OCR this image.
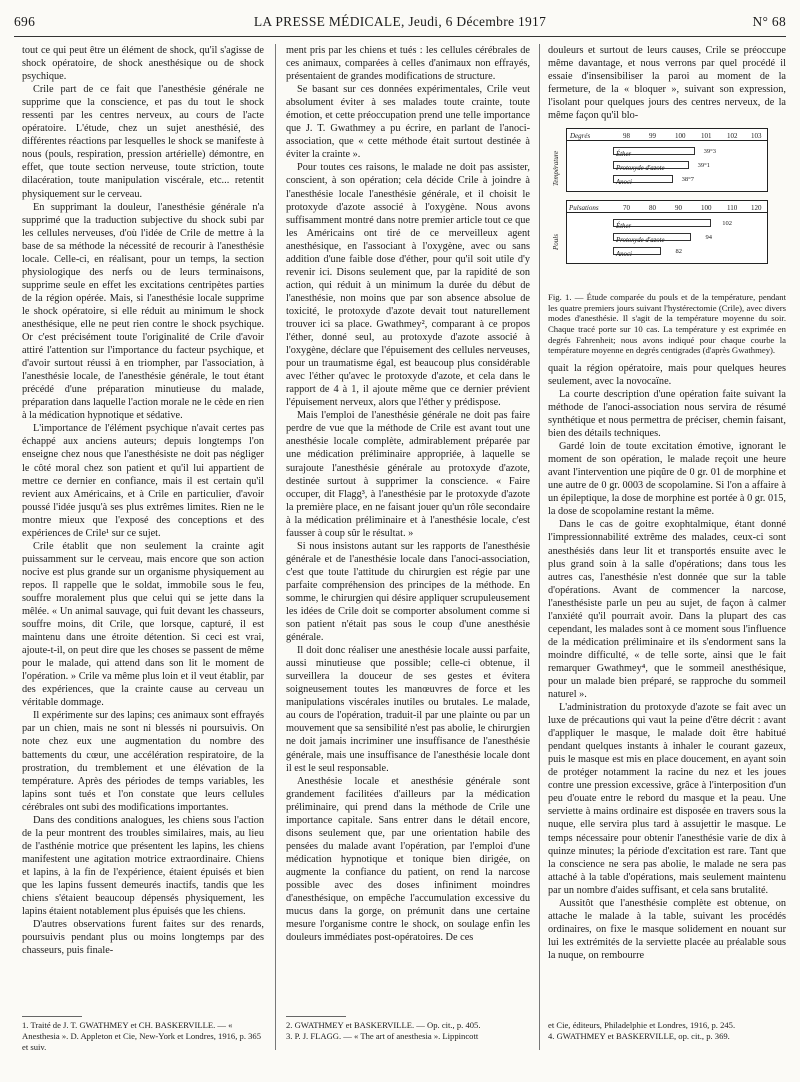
696	LA PRESSE MÉDICALE, Jeudi, 6 Décembre 1917	N° 68

tout ce qui peut être un élément de shock, qu'il s'agisse de shock opératoire, de shock anesthésique ou de shock psychique.

Crile part de ce fait que l'anesthésie générale ne supprime que la conscience, et pas du tout le shock ressenti par les centres nerveux, au cours de l'acte opératoire. L'étude, chez un sujet anesthésié, des différentes réactions par lesquelles le shock se manifeste à nous (pouls, respiration, pression artérielle) démontre, en effet, que toute section nerveuse, toute striction, toute dilacération, toute manipulation viscérale, etc... retentit physiquement sur le cerveau.

En supprimant la douleur, l'anesthésie générale n'a supprimé que la traduction subjective du shock subi par les cellules nerveuses, d'où l'idée de Crile de mettre à la base de sa méthode la nécessité de recourir à l'anesthésie locale. Celle-ci, en réalisant, pour un temps, la section physiologique des nerfs ou de leurs terminaisons, supprime seule en effet les excitations centripètes parties de la région opérée. Mais, si l'anesthésie locale supprime le shock opératoire, si elle réduit au minimum le shock anesthésique, elle ne peut rien contre le shock psychique. Or c'est précisément toute l'originalité de Crile d'avoir attiré l'attention sur l'importance du facteur psychique, et d'avoir surtout réussi à en triompher, par l'association, à l'anesthésie locale, de l'anesthésie générale, le tout étant précédé d'une préparation minutieuse du malade, préparation dans laquelle l'action morale ne le cède en rien à la médication hypnotique et sédative.

L'importance de l'élément psychique n'avait certes pas échappé aux anciens auteurs; depuis longtemps l'on enseigne chez nous que l'anesthésiste ne doit pas négliger le côté moral chez son patient et qu'il lui appartient de mettre ce dernier en confiance, mais il est certain qu'il revient aux Américains, et à Crile en particulier, d'avoir poussé l'idée jusqu'à ses plus extrêmes limites. Rien ne le montre mieux que l'exposé des conceptions et des expériences de Crile¹ sur ce sujet.

Crile établit que non seulement la crainte agit puissamment sur le cerveau, mais encore que son action nocive est plus grande sur un organisme physiquement au repos. Il rappelle que le soldat, immobile sous le feu, souffre moralement plus que celui qui se jette dans la mêlée. « Un animal sauvage, qui fuit devant les chasseurs, souffre moins, dit Crile, que lorsque, capturé, il est maintenu dans une étroite détention. Si ceci est vrai, ajoute-t-il, on peut dire que les choses se passent de même pour le malade, qui attend dans son lit le moment de l'opération. » Crile va même plus loin et il veut établir, par des expériences, que la crainte cause au cerveau un véritable dommage.

Il expérimente sur des lapins; ces animaux sont effrayés par un chien, mais ne sont ni blessés ni poursuivis. On note chez eux une augmentation du nombre des battements du cœur, une accélération respiratoire, de la prostration, du tremblement et une élévation de la température. Après des périodes de temps variables, les lapins sont tués et l'on constate que leurs cellules cérébrales ont subi des modifications importantes.

Dans des conditions analogues, les chiens sous l'action de la peur montrent des troubles similaires, mais, au lieu de l'asthénie motrice que présentent les lapins, les chiens manifestent une agitation motrice extraordinaire. Chiens et lapins, à la fin de l'expérience, étaient épuisés et bien que les lapins fussent demeurés inactifs, tandis que les chiens s'étaient beaucoup dépensés physiquement, les lapins étaient notablement plus épuisés que les chiens.

D'autres observations furent faites sur des renards, poursuivis pendant plus ou moins longtemps par des chasseurs, puis finale-

ment pris par les chiens et tués : les cellules cérébrales de ces animaux, comparées à celles d'animaux non effrayés, présentaient de grandes modifications de structure.

Se basant sur ces données expérimentales, Crile veut absolument éviter à ses malades toute crainte, toute émotion, et cette préoccupation prend une telle importance que J. T. Gwathmey a pu écrire, en parlant de l'anoci-association, que « cette méthode était surtout destinée à éviter la crainte ».

Pour toutes ces raisons, le malade ne doit pas assister, conscient, à son opération; cela décide Crile à joindre à l'anesthésie locale l'anesthésie générale, et il choisit le protoxyde d'azote associé à l'oxygène. Nous avons suffisamment montré dans notre premier article tout ce que les Américains ont tiré de ce merveilleux agent anesthésique, en l'associant à l'oxygène, avec ou sans addition d'une faible dose d'éther, pour qu'il soit utile d'y revenir ici. Disons seulement que, par la rapidité de son action, qui réduit à un minimum la durée du début de l'anesthésie, non moins que par son absence absolue de toxicité, le protoxyde d'azote devait tout naturellement trouver ici sa place. Gwathmey², comparant à ce propos l'éther, donné seul, au protoxyde d'azote associé à l'oxygène, déclare que l'épuisement des cellules nerveuses, pour un traumatisme égal, est beaucoup plus considérable avec l'éther qu'avec le protoxyde d'azote, et cela dans le rapport de 4 à 1, il ajoute même que ce dernier prévient l'épuisement nerveux, alors que l'éther y prédispose.

Mais l'emploi de l'anesthésie générale ne doit pas faire perdre de vue que la méthode de Crile est avant tout une anesthésie locale complète, admirablement préparée par une médication préliminaire appropriée, à laquelle se surajoute l'anesthésie générale au protoxyde d'azote, destinée surtout à supprimer la conscience. « Faire occuper, dit Flagg³, à l'anesthésie par le protoxyde d'azote la première place, en ne faisant jouer qu'un rôle secondaire à la médication préliminaire et à l'anesthésie locale, c'est fausser à coup sûr le résultat. »

Si nous insistons autant sur les rapports de l'anesthésie générale et de l'anesthésie locale dans l'anoci-association, c'est que toute l'attitude du chirurgien est régie par une parfaite compréhension des principes de la méthode. En somme, le chirurgien qui désire appliquer scrupuleusement les idées de Crile doit se comporter absolument comme si son patient n'était pas sous le coup d'une anesthésie générale.

Il doit donc réaliser une anesthésie locale aussi parfaite, aussi minutieuse que possible; celle-ci obtenue, il surveillera la douceur de ses gestes et évitera soigneusement toutes les manœuvres de force et les manipulations viscérales inutiles ou brutales. Le malade, au cours de l'opération, traduit-il par une plainte ou par un mouvement que sa sensibilité n'est pas abolie, le chirurgien ne doit jamais incriminer une insuffisance de l'anesthésie générale, mais une insuffisance de l'anesthésie locale dont il est le seul responsable.

Anesthésie locale et anesthésie générale sont grandement facilitées d'ailleurs par la médication préliminaire, qui prend dans la méthode de Crile une importance capitale. Sans entrer dans le détail encore, disons seulement que, par une orientation habile des pensées du malade avant l'opération, par l'emploi d'une médication hypnotique et tonique bien dirigée, on augmente la confiance du patient, on rend la narcose possible avec des doses infiniment moindres d'anesthésique, on empêche l'accumulation excessive du mucus dans la gorge, on prémunit dans une certaine mesure l'organisme contre le shock, on soulage enfin les douleurs immédiates post-opératoires. De ces

douleurs et surtout de leurs causes, Crile se préoccupe même davantage, et nous verrons par quel procédé il essaie d'insensibiliser la paroi au moment de la fermeture, de la « bloquer », suivant son expression, l'isolant pour quelques jours des centres nerveux, de la même façon qu'il blo-

Degrés	98	99	100 101 102 103
Éther	39°3
Protoxyde d'azote	39°1
Anoci	38°7
Température
Pulsations	70	80	90	100 110 120
Éther	102
Protoxyde d'azote	94
Anoci	82
Pouls
Fig. 1. — Étude comparée du pouls et de la température, pendant les quatre premiers jours suivant l'hystérectomie (Crile), avec divers modes d'anesthésie. Il s'agit de la température moyenne du soir. Chaque tracé porte sur 10 cas. La température y est exprimée en degrés Fahrenheit; nous avons indiqué pour chaque courbe la température moyenne en degrés centigrades (d'après Gwathmey).

quait la région opératoire, mais pour quelques heures seulement, avec la novocaïne.

La courte description d'une opération faite suivant la méthode de l'anoci-association nous servira de résumé synthétique et nous permettra de préciser, chemin faisant, bien des détails techniques.

Gardé loin de toute excitation émotive, ignorant le moment de son opération, le malade reçoit une heure avant l'intervention une piqûre de 0 gr. 01 de morphine et une autre de 0 gr. 0003 de scopolamine. Si l'on a affaire à un épileptique, la dose de morphine est portée à 0 gr. 015, la dose de scopolamine restant la même.

Dans le cas de goitre exophtalmique, étant donné l'impressionnabilité extrême des malades, ceux-ci sont anesthésiés dans leur lit et transportés ensuite avec le plus grand soin à la salle d'opérations; dans tous les autres cas, l'anesthésie n'est donnée que sur la table d'opérations. Avant de commencer la narcose, l'anesthésiste parle un peu au sujet, de façon à calmer l'anxiété qu'il pourrait avoir. Dans la plupart des cas cependant, les malades sont à ce moment sous l'influence de la médication préliminaire et ils s'endorment sans la moindre difficulté, « de telle sorte, ainsi que le fait remarquer Gwathmey⁴, que le sommeil anesthésique, pour un malade bien préparé, se rapproche du sommeil naturel ».

L'administration du protoxyde d'azote se fait avec un luxe de précautions qui vaut la peine d'être décrit : avant d'appliquer le masque, le malade doit être habitué pendant quelques instants à inhaler le courant gazeux, puis le masque est mis en place doucement, en ayant soin de protéger notamment la racine du nez et les joues contre une pression excessive, grâce à l'interposition d'un peu d'ouate entre le rebord du masque et la peau. Une serviette à mains ordinaire est disposée en travers sous la nuque, elle servira plus tard à assujettir le masque. Le temps nécessaire pour obtenir l'anesthésie varie de dix à quinze minutes; la période d'excitation est rare. Tant que la conscience ne sera pas abolie, le malade ne sera pas attaché à la table d'opérations, mais seulement maintenu par un nombre d'aides suffisant, et cela sans brutalité.

Aussitôt que l'anesthésie complète est obtenue, on attache le malade à la table, suivant les procédés ordinaires, on fixe le masque solidement en nouant sur lui les extrémités de la serviette placée au préalable sous la nuque, on rembourre

1. Traité de J. T. GWATHMEY et CH. BASKERVILLE. — « Anesthesia ». D. Appleton et Cie, New-York et Londres, 1916, p. 365 et suiv.
2. GWATHMEY et BASKERVILLE. — Op. cit., p. 405.
3. P. J. FLAGG. — « The art of anesthesia ». Lippincott
et Cie, éditeurs, Philadelphie et Londres, 1916, p. 245.
4. GWATHMEY et BASKERVILLE, op. cit., p. 369.
